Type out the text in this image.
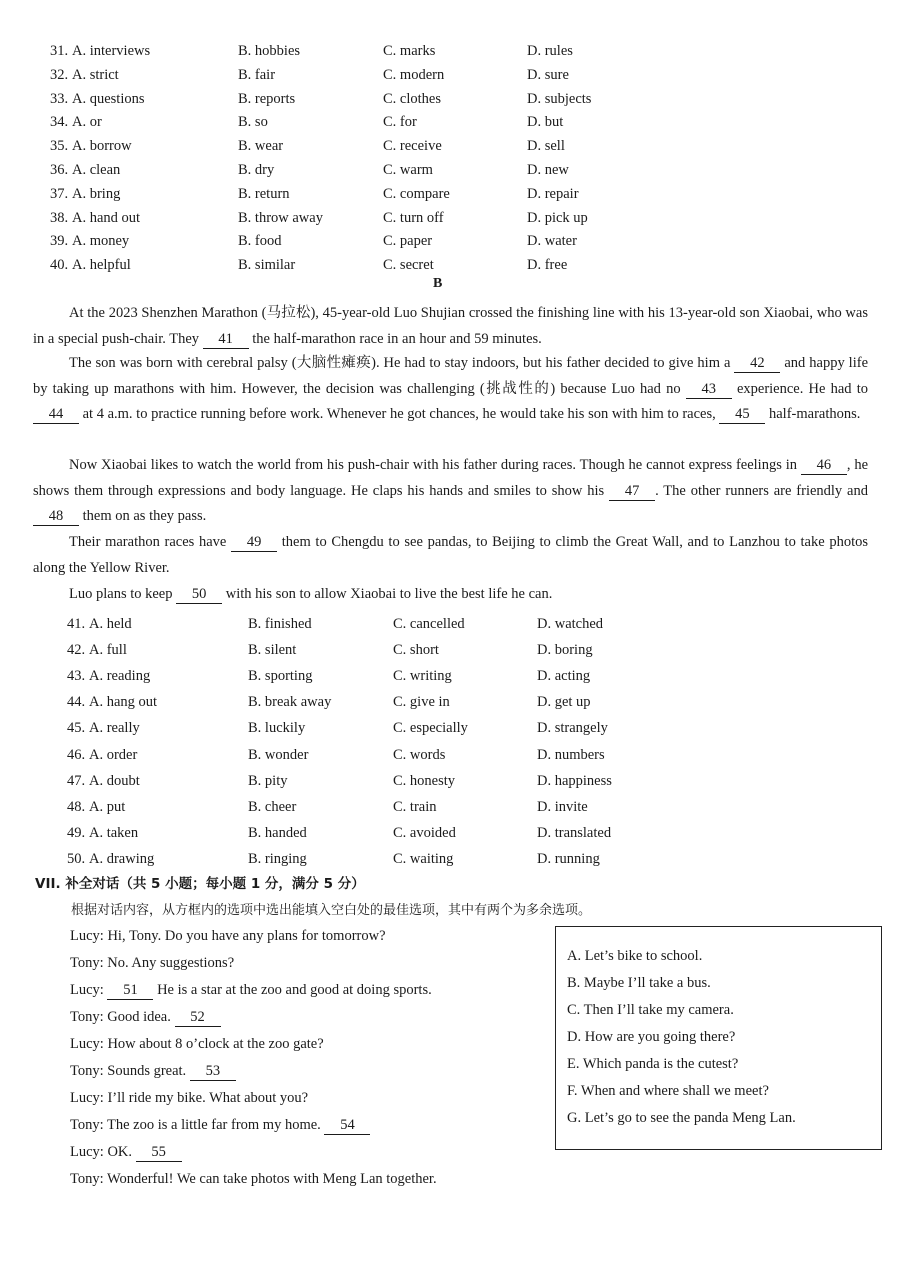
31. A. interviews	B. hobbies	C. marks	D. rules
32. A. strict	B. fair	C. modern	D. sure
33. A. questions	B. reports	C. clothes	D. subjects
34. A. or	B. so	C. for	D. but
35. A. borrow	B. wear	C. receive	D. sell
36. A. clean	B. dry	C. warm	D. new
37. A. bring	B. return	C. compare	D. repair
38. A. hand out	B. throw away	C. turn off	D. pick up
39. A. money	B. food	C. paper	D. water
40. A. helpful	B. similar	C. secret	D. free
B

At the 2023 Shenzhen Marathon (马拉松), 45-year-old Luo Shujian crossed the finishing line with his 13-year-old son Xiaobai, who was in a special push-chair. They 41 the half-marathon race in an hour and 59 minutes.

The son was born with cerebral palsy (大脑性瘫痪). He had to stay indoors, but his father decided to give him a 42 and happy life by taking up marathons with him. However, the decision was challenging (挑战性的) because Luo had no 43 experience. He had to 44 at 4 a.m. to practice running before work. Whenever he got chances, he would take his son with him to races, 45 half-marathons.

Now Xiaobai likes to watch the world from his push-chair with his father during races. Though he cannot express feelings in 46 , he shows them through expressions and body language. He claps his hands and smiles to show his 47 . The other runners are friendly and 48 them on as they pass.

Their marathon races have 49 them to Chengdu to see pandas, to Beijing to climb the Great Wall, and to Lanzhou to take photos along the Yellow River.

Luo plans to keep 50 with his son to allow Xiaobai to live the best life he can.

41. A. held	B. finished	C. cancelled	D. watched
42. A. full	B. silent	C. short	D. boring
43. A. reading	B. sporting	C. writing	D. acting
44. A. hang out	B. break away	C. give in	D. get up
45. A. really	B. luckily	C. especially	D. strangely
46. A. order	B. wonder	C. words	D. numbers
47. A. doubt	B. pity	C. honesty	D. happiness
48. A. put	B. cheer	C. train	D. invite
49. A. taken	B. handed	C. avoided	D. translated
50. A. drawing	B. ringing	C. waiting	D. running
VII. 补全对话（共 5 小题；每小题 1 分，满分 5 分）
根据对话内容，从方框内的选项中选出能填入空白处的最佳选项，其中有两个为多余选项。
Lucy: Hi, Tony. Do you have any plans for tomorrow?
Tony: No. Any suggestions?
Lucy: 51 He is a star at the zoo and good at doing sports.
Tony: Good idea. 52
Lucy: How about 8 o’clock at the zoo gate?
Tony: Sounds great. 53
Lucy: I’ll ride my bike. What about you?
Tony: The zoo is a little far from my home. 54
Lucy: OK. 55
Tony: Wonderful! We can take photos with Meng Lan together.
A. Let’s bike to school.
B. Maybe I’ll take a bus.
C. Then I’ll take my camera.
D. How are you going there?
E. Which panda is the cutest?
F. When and where shall we meet?
G. Let’s go to see the panda Meng Lan.
